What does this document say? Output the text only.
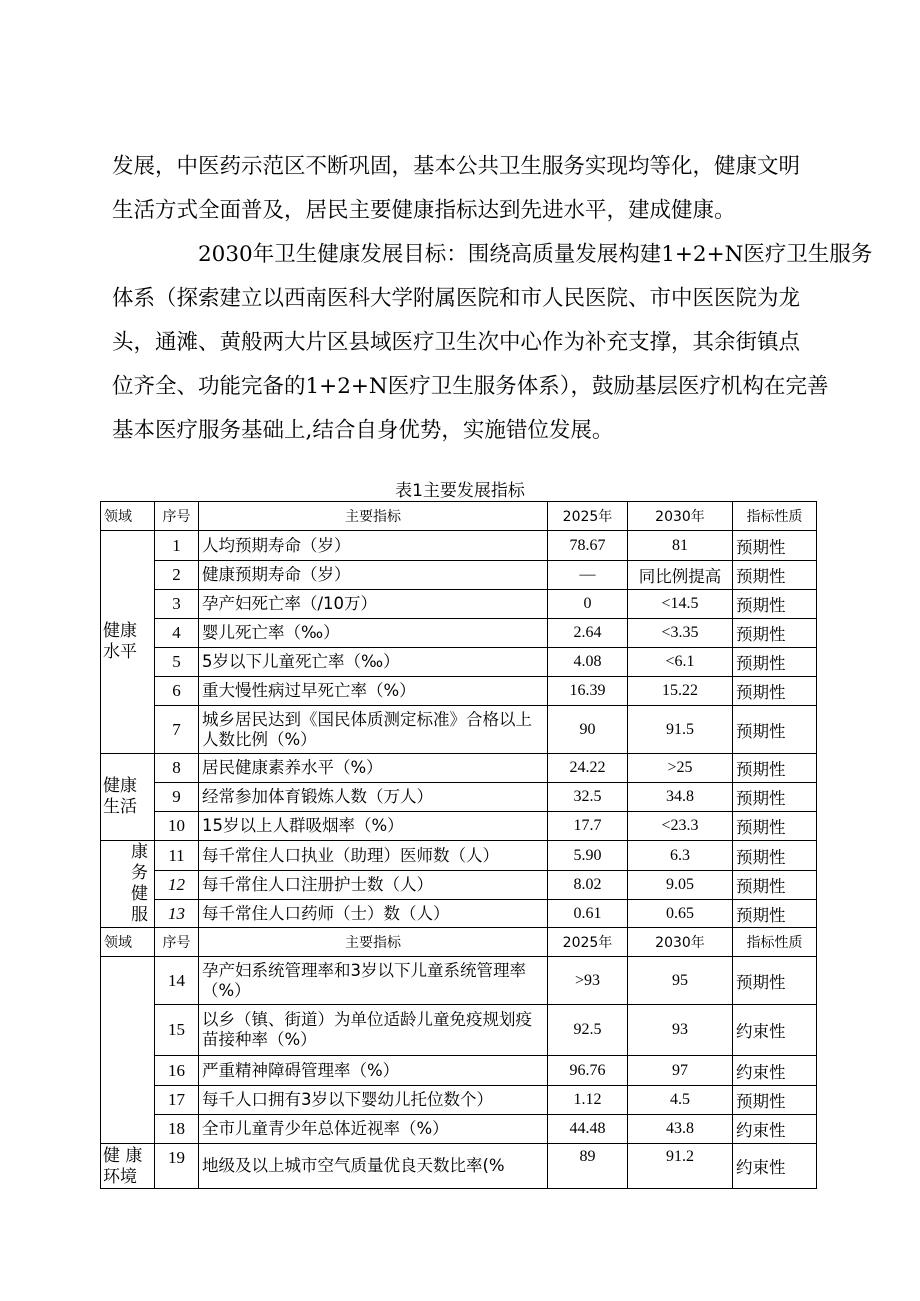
发展，中医药示范区不断巩固，基本公共卫生服务实现均等化，健康文明
生活方式全面普及，居民主要健康指标达到先进水平，建成健康。
2030年卫生健康发展目标：围绕高质量发展构建1+2+N医疗卫生服务
体系（探索建立以西南医科大学附属医院和市人民医院、市中医医院为龙
头，通滩、黄般两大片区县域医疗卫生次中心作为补充支撑，其余街镇点
位齐全、功能完备的1+2+N医疗卫生服务体系），鼓励基层医疗机构在完善
基本医疗服务基础上,结合自身优势，实施错位发展。
表1主要发展指标
领域	序号	主要指标	2025年	2030年	指标性质

健康
水平	1	人均预期寿命（岁）	78.67	81	预期性
	2	健康预期寿命（岁）	—	同比例提高	预期性
	3	孕产妇死亡率（/10万）	0	<14.5	预期性
	4	婴儿死亡率（‰）	2.64	<3.35	预期性
	5	5岁以下儿童死亡率（‰）	4.08	<6.1	预期性
	6	重大慢性病过早死亡率（%）	16.39	15.22	预期性
	7	城乡居民达到《国民体质测定标准》合格以上人数比例（%）	90	91.5	预期性

健康
生活	8	居民健康素养水平（%）	24.22	>25	预期性
	9	经常参加体育锻炼人数（万人）	32.5	34.8	预期性
	10	15岁以上人群吸烟率（%）	17.7	<23.3	预期性

康
务
健
服	11	每千常住人口执业（助理）医师数（人）	5.90	6.3	预期性
	12	每千常住人口注册护士数（人）	8.02	9.05	预期性
	13	每千常住人口药师（士）数（人）	0.61	0.65	预期性
领域	序号	主要指标	2025年	2030年	指标性质
	14	孕产妇系统管理率和3岁以下儿童系统管理率（%）	>93	95	预期性
	15	以乡（镇、街道）为单位适龄儿童免疫规划疫苗接种率（%）	92.5	93	约束性
	16	严重精神障碍管理率（%）	96.76	97	约束性
	17	每千人口拥有3岁以下婴幼儿托位数个）	1.12	4.5	预期性
	18	全市儿童青少年总体近视率（%）	44.48	43.8	约束性

健 康
环境	19	地级及以上城市空气质量优良天数比率(%	89	91.2	约束性
